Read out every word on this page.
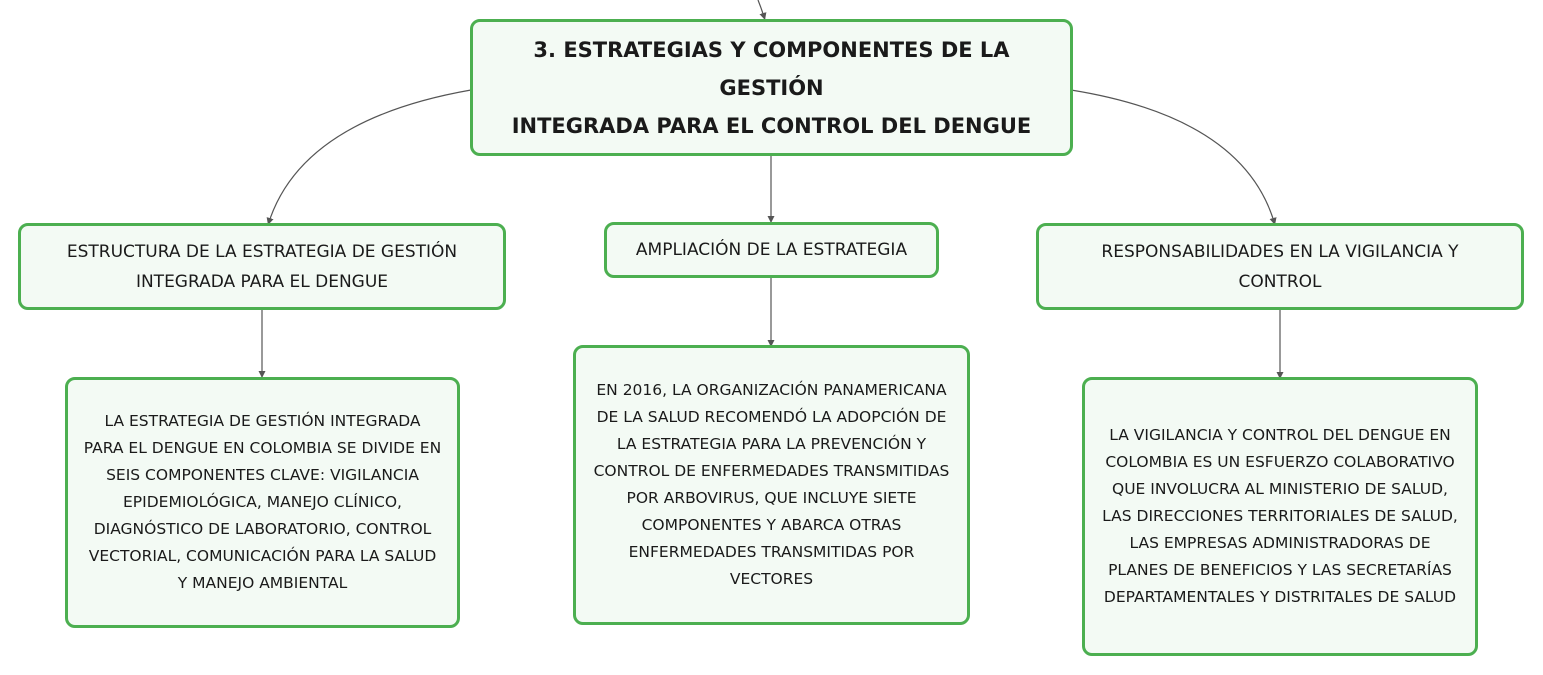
3. ESTRATEGIAS Y COMPONENTES DE LA GESTIÓN
INTEGRADA PARA EL CONTROL DEL DENGUE
ESTRUCTURA DE LA ESTRATEGIA DE GESTIÓN
INTEGRADA PARA EL DENGUE
AMPLIACIÓN DE LA ESTRATEGIA	RESPONSABILIDADES EN LA VIGILANCIA Y
CONTROL
LA ESTRATEGIA DE GESTIÓN INTEGRADA
PARA EL DENGUE EN COLOMBIA SE DIVIDE EN
SEIS COMPONENTES CLAVE: VIGILANCIA
EPIDEMIOLÓGICA, MANEJO CLÍNICO,
DIAGNÓSTICO DE LABORATORIO, CONTROL
VECTORIAL, COMUNICACIÓN PARA LA SALUD
Y MANEJO AMBIENTAL
EN 2016, LA ORGANIZACIÓN PANAMERICANA
DE LA SALUD RECOMENDÓ LA ADOPCIÓN DE
LA ESTRATEGIA PARA LA PREVENCIÓN Y
CONTROL DE ENFERMEDADES TRANSMITIDAS
POR ARBOVIRUS, QUE INCLUYE SIETE
COMPONENTES Y ABARCA OTRAS
ENFERMEDADES TRANSMITIDAS POR
VECTORES
LA VIGILANCIA Y CONTROL DEL DENGUE EN
COLOMBIA ES UN ESFUERZO COLABORATIVO
QUE INVOLUCRA AL MINISTERIO DE SALUD,
LAS DIRECCIONES TERRITORIALES DE SALUD,
LAS EMPRESAS ADMINISTRADORAS DE
PLANES DE BENEFICIOS Y LAS SECRETARÍAS
DEPARTAMENTALES Y DISTRITALES DE SALUD
